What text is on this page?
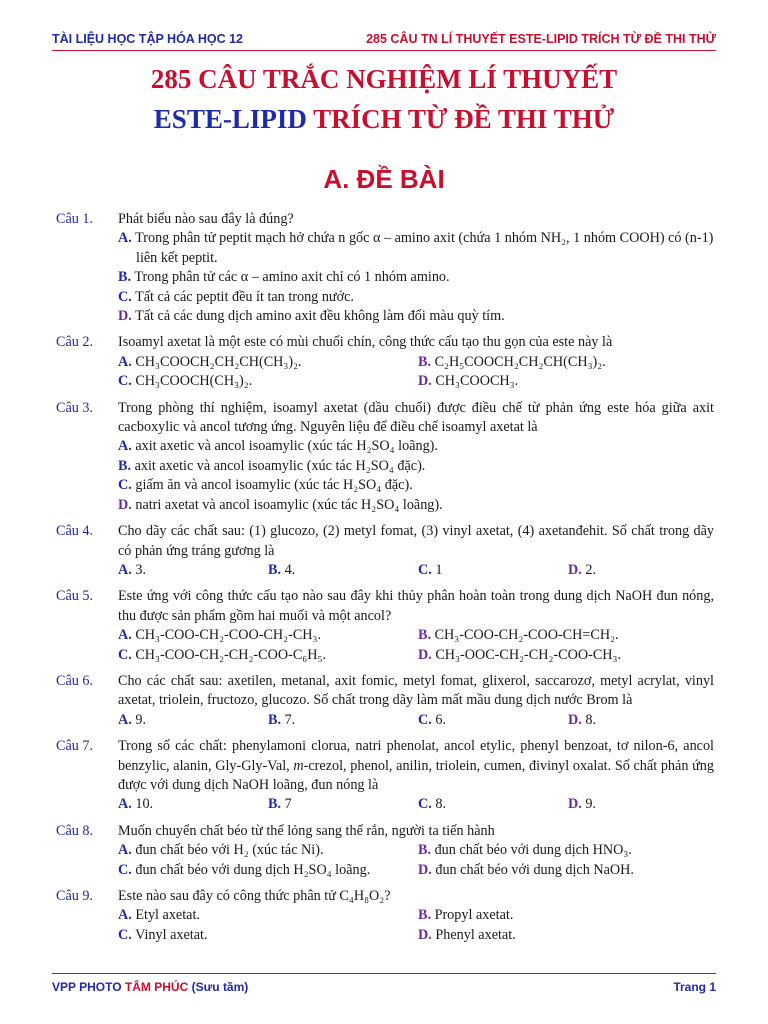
TÀI LIỆU HỌC TẬP HÓA HỌC 12	285 CÂU TN LÍ THUYẾT ESTE-LIPID TRÍCH TỪ ĐỀ THI THỬ
285 CÂU TRẮC NGHIỆM LÍ THUYẾT
ESTE-LIPID TRÍCH TỪ ĐỀ THI THỬ
A. ĐỀ BÀI
Câu 1. Phát biểu nào sau đây là đúng?
A. Trong phân tử peptit mạch hở chứa n gốc α – amino axit (chứa 1 nhóm NH₂, 1 nhóm COOH) có (n-1) liên kết peptit.
B. Trong phân tử các α – amino axit chỉ có 1 nhóm amino.
C. Tất cả các peptit đều ít tan trong nước.
D. Tất cả các dung dịch amino axit đều không làm đổi màu quỳ tím.
Câu 2. Isoamyl axetat là một este có mùi chuối chín, công thức cấu tạo thu gọn của este này là
A. CH₃COOCH₂CH₂CH(CH₃)₂.	B. C₂H₅COOCH₂CH₂CH(CH₃)₂.
C. CH₃COOCH(CH₃)₂.	D. CH₃COOCH₃.
Câu 3. Trong phòng thí nghiệm, isoamyl axetat (dầu chuối) được điều chế từ phản ứng este hóa giữa axit cacboxylic và ancol tương ứng. Nguyên liệu để điều chế isoamyl axetat là
A. axit axetic và ancol isoamylic (xúc tác H₂SO₄ loãng).
B. axit axetic và ancol isoamylic (xúc tác H₂SO₄ đặc).
C. giấm ăn và ancol isoamylic (xúc tác H₂SO₄ đặc).
D. natri axetat và ancol isoamylic (xúc tác H₂SO₄ loãng).
Câu 4. Cho dãy các chất sau: (1) glucozo, (2) metyl fomat, (3) vinyl axetat, (4) axetanđehit. Số chất trong dãy có phản ứng tráng gương là
A. 3.	B. 4.	C. 1	D. 2.
Câu 5. Este ứng với công thức cấu tạo nào sau đây khi thủy phân hoàn toàn trong dung dịch NaOH đun nóng, thu được sản phẩm gồm hai muối và một ancol?
A. CH₃-COO-CH₂-COO-CH₂-CH₃.	B. CH₃-COO-CH₂-COO-CH=CH₂.
C. CH₃-COO-CH₂-CH₂-COO-C₆H₅.	D. CH₃-OOC-CH₂-CH₂-COO-CH₃.
Câu 6. Cho các chất sau: axetilen, metanal, axit fomic, metyl fomat, glixerol, saccarozơ, metyl acrylat, vinyl axetat, triolein, fructozo, glucozo. Số chất trong dãy làm mất mầu dung dịch nước Brom là
A. 9.	B. 7.	C. 6.	D. 8.
Câu 7. Trong số các chất: phenylamoni clorua, natri phenolat, ancol etylic, phenyl benzoat, tơ nilon-6, ancol benzylic, alanin, Gly-Gly-Val, m-crezol, phenol, anilin, triolein, cumen, đivinyl oxalat. Số chất phản ứng được với dung dịch NaOH loãng, đun nóng là
A. 10.	B. 7	C. 8.	D. 9.
Câu 8. Muốn chuyển chất béo từ thể lỏng sang thể rắn, người ta tiến hành
A. đun chất béo với H₂ (xúc tác Ni).	B. đun chất béo với dung dịch HNO₃.
C. đun chất béo với dung dịch H₂SO₄ loãng.	D. đun chất béo với dung dịch NaOH.
Câu 9. Este nào sau đây có công thức phân tử C₄H₈O₂?
A. Etyl axetat.	B. Propyl axetat.
C. Vinyl axetat.	D. Phenyl axetat.
VPP PHOTO TÂM PHÚC (Sưu tầm)	Trang 1
